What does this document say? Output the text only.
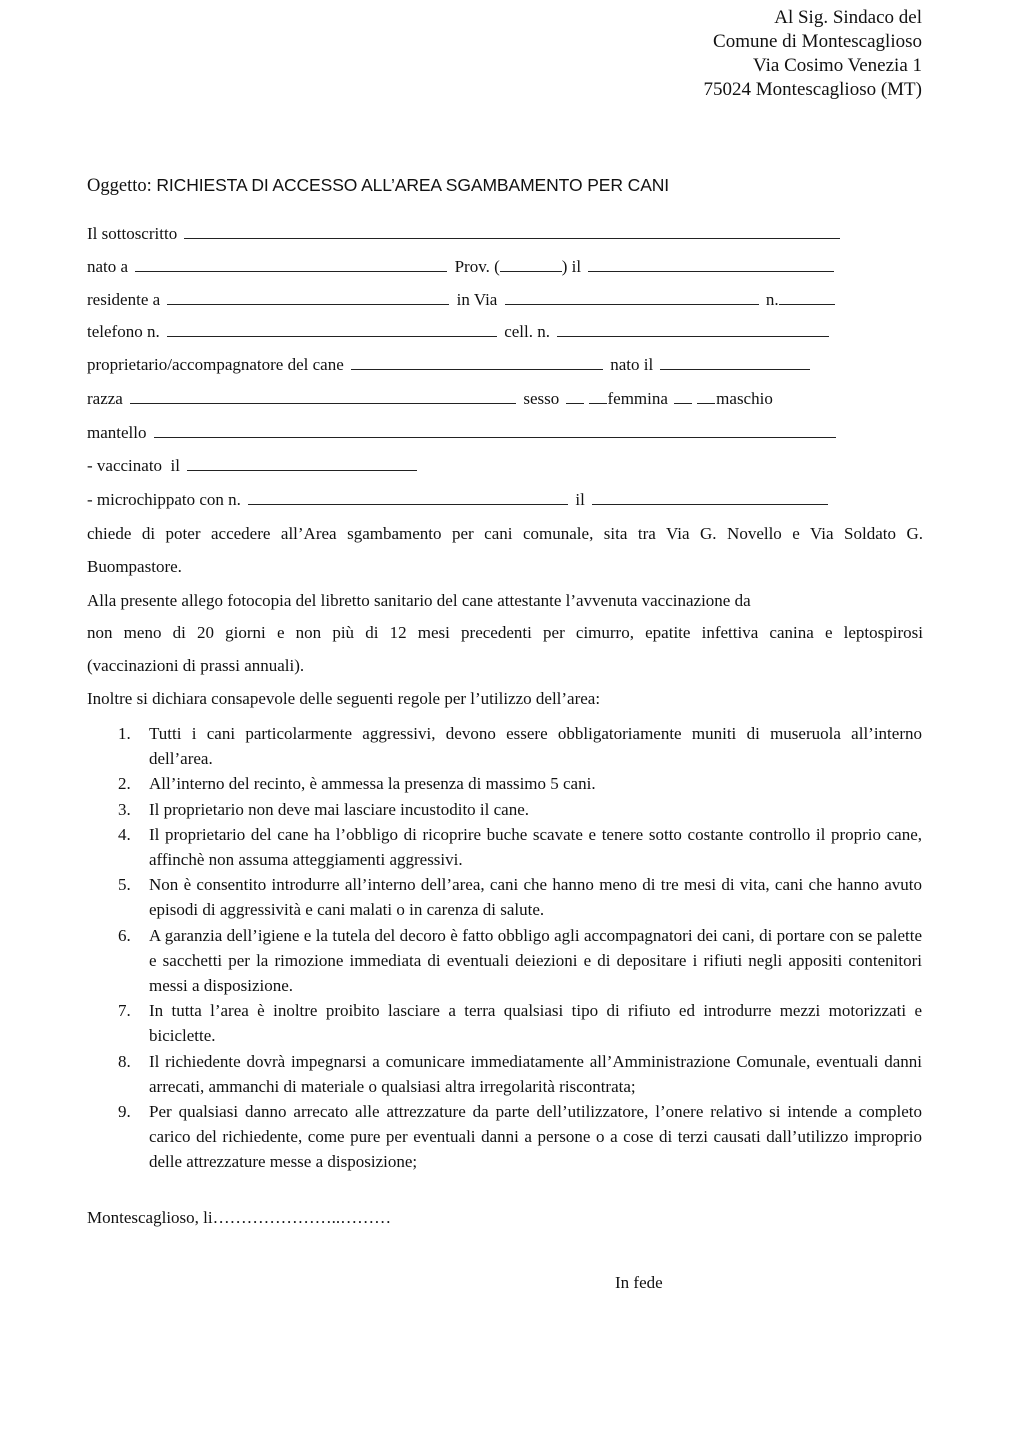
Al Sig. Sindaco del
Comune di Montescaglioso
Via Cosimo Venezia 1
75024 Montescaglioso (MT)
Oggetto: RICHIESTA DI ACCESSO ALL’AREA SGAMBAMENTO PER CANI
Il sottoscritto
nato a	Prov. (	) il
residente a	in Via	n.
telefono n.	cell. n.
proprietario/accompagnatore del cane	nato il
razza	sesso	femmina	maschio
mantello
- vaccinato  il
- microchippato con n.	il
chiede di poter accedere all’Area sgambamento per cani comunale, sita tra Via G. Novello e Via Soldato G.
Buompastore.
Alla presente allego fotocopia del libretto sanitario del cane attestante l’avvenuta vaccinazione da
non meno di 20 giorni e non più di 12 mesi precedenti per cimurro, epatite infettiva canina e leptospirosi
(vaccinazioni di prassi annuali).
Inoltre si dichiara consapevole delle seguenti regole per l’utilizzo dell’area:
1. Tutti i cani particolarmente aggressivi, devono essere obbligatoriamente muniti di museruola all’interno dell’area.
2. All’interno del recinto, è ammessa la presenza di massimo 5 cani.
3. Il proprietario non deve mai lasciare incustodito il cane.
4. Il proprietario del cane ha l’obbligo di ricoprire buche scavate e tenere sotto costante controllo il proprio cane, affinchè non assuma atteggiamenti aggressivi.
5. Non è consentito introdurre all’interno dell’area, cani che hanno meno di tre mesi di vita, cani che hanno avuto episodi di aggressività e cani malati o in carenza di salute.
6. A garanzia dell’igiene e la tutela del decoro è fatto obbligo agli accompagnatori dei cani, di portare con se palette e sacchetti per la rimozione immediata di eventuali deiezioni e di depositare i rifiuti negli appositi contenitori messi a disposizione.
7. In tutta l’area è inoltre proibito lasciare a terra qualsiasi tipo di rifiuto ed introdurre mezzi motorizzati e biciclette.
8. Il richiedente dovrà impegnarsi a comunicare immediatamente all’Amministrazione Comunale, eventuali danni arrecati, ammanchi di materiale o qualsiasi altra irregolarità riscontrata;
9. Per qualsiasi danno arrecato alle attrezzature da parte dell’utilizzatore, l’onere relativo si intende a completo carico del richiedente, come pure per eventuali danni a persone o a cose di terzi causati dall’utilizzo improprio delle attrezzature messe a disposizione;
Montescaglioso, li…………………..………
In fede
